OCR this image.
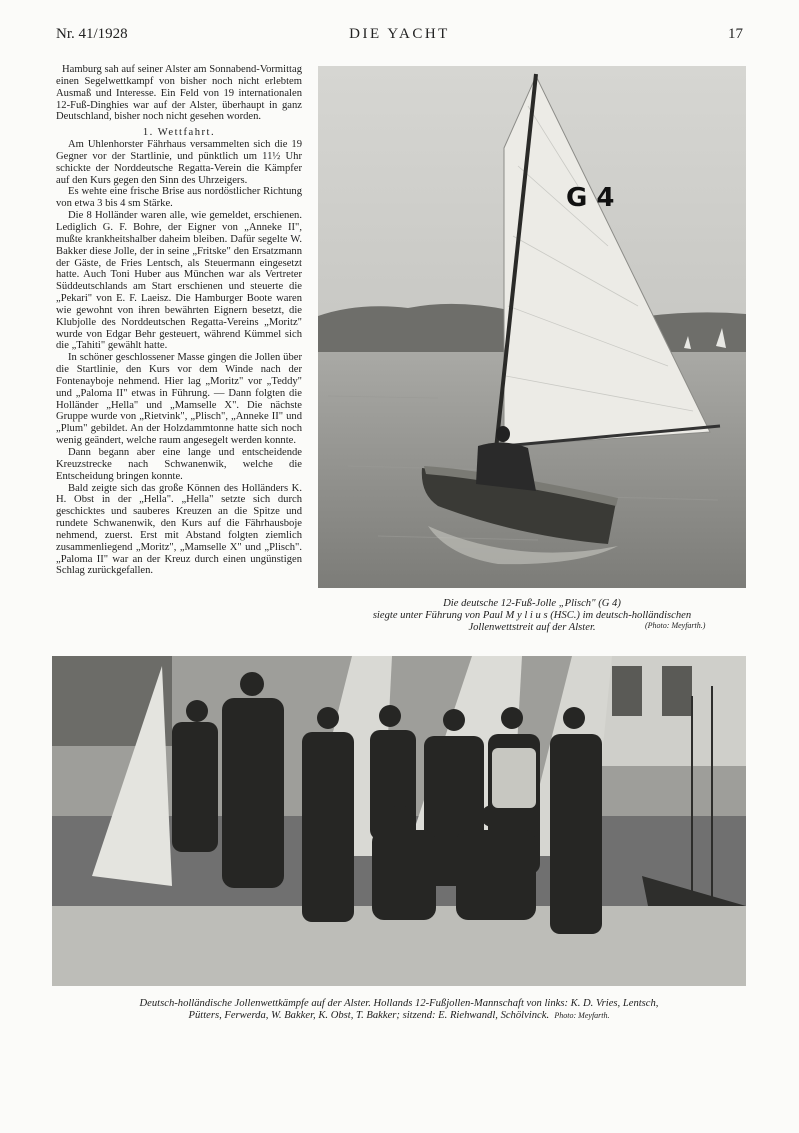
Nr. 41/1928	DIE YACHT	17

Hamburg sah auf seiner Alster am Sonnabend-Vormittag einen Segelwettkampf von bisher noch nicht erlebtem Ausmaß und Interesse. Ein Feld von 19 internationalen 12-Fuß-Dinghies war auf der Alster, überhaupt in ganz Deutschland, bisher noch nicht gesehen worden.

1. Wettfahrt.

Am Uhlenhorster Fährhaus versammelten sich die 19 Gegner vor der Startlinie, und pünktlich um 11½ Uhr schickte der Norddeutsche Regatta-Verein die Kämpfer auf den Kurs gegen den Sinn des Uhrzeigers.

Es wehte eine frische Brise aus nordöstlicher Richtung von etwa 3 bis 4 sm Stärke.

Die 8 Holländer waren alle, wie gemeldet, erschienen. Lediglich G. F. Bohre, der Eigner von „Anneke II", mußte krankheitshalber daheim bleiben. Dafür segelte W. Bakker diese Jolle, der in seine „Fritske" den Ersatzmann der Gäste, de Fries Lentsch, als Steuermann eingesetzt hatte. Auch Toni Huber aus München war als Vertreter Süddeutschlands am Start erschienen und steuerte die „Pekari" von E. F. Laeisz. Die Hamburger Boote waren wie gewohnt von ihren bewährten Eignern besetzt, die Klubjolle des Norddeutschen Regatta-Vereins „Moritz" wurde von Edgar Behr gesteuert, während Kümmel sich die „Tahiti" gewählt hatte.

In schöner geschlossener Masse gingen die Jollen über die Startlinie, den Kurs vor dem Winde nach der Fontenayboje nehmend. Hier lag „Moritz" vor „Teddy" und „Paloma II" etwas in Führung. — Dann folgten die Holländer „Hella" und „Mamselle X". Die nächste Gruppe wurde von „Rietvink", „Plisch", „Anneke II" und „Plum" gebildet. An der Holzdammtonne hatte sich noch wenig geändert, welche raum angesegelt werden konnte.

Dann begann aber eine lange und entscheidende Kreuzstrecke nach Schwanenwik, welche die Entscheidung bringen konnte.

Bald zeigte sich das große Können des Holländers K. H. Obst in der „Hella". „Hella" setzte sich durch geschicktes und sauberes Kreuzen an die Spitze und rundete Schwanenwik, den Kurs auf die Fährhausboje nehmend, zuerst. Erst mit Abstand folgten ziemlich zusammenliegend „Moritz", „Mamselle X" und „Plisch". „Paloma II" war an der Kreuz durch einen ungünstigen Schlag zurückgefallen.

G 4
Die deutsche 12-Fuß-Jolle „Plisch" (G 4)
siegte unter Führung von Paul M y l i u s (HSC.) im deutsch-holländischen
Jollenwettstreit auf der Alster.	(Photo: Meyfarth.)
Deutsch-holländische Jollenwettkämpfe auf der Alster. Hollands 12-Fußjollen-Mannschaft von links: K. D. Vries, Lentsch,
Pütters, Ferwerda, W. Bakker, K. Obst, T. Bakker; sitzend: E. Riehwandl, Schölvinck. Photo: Meyfarth.
